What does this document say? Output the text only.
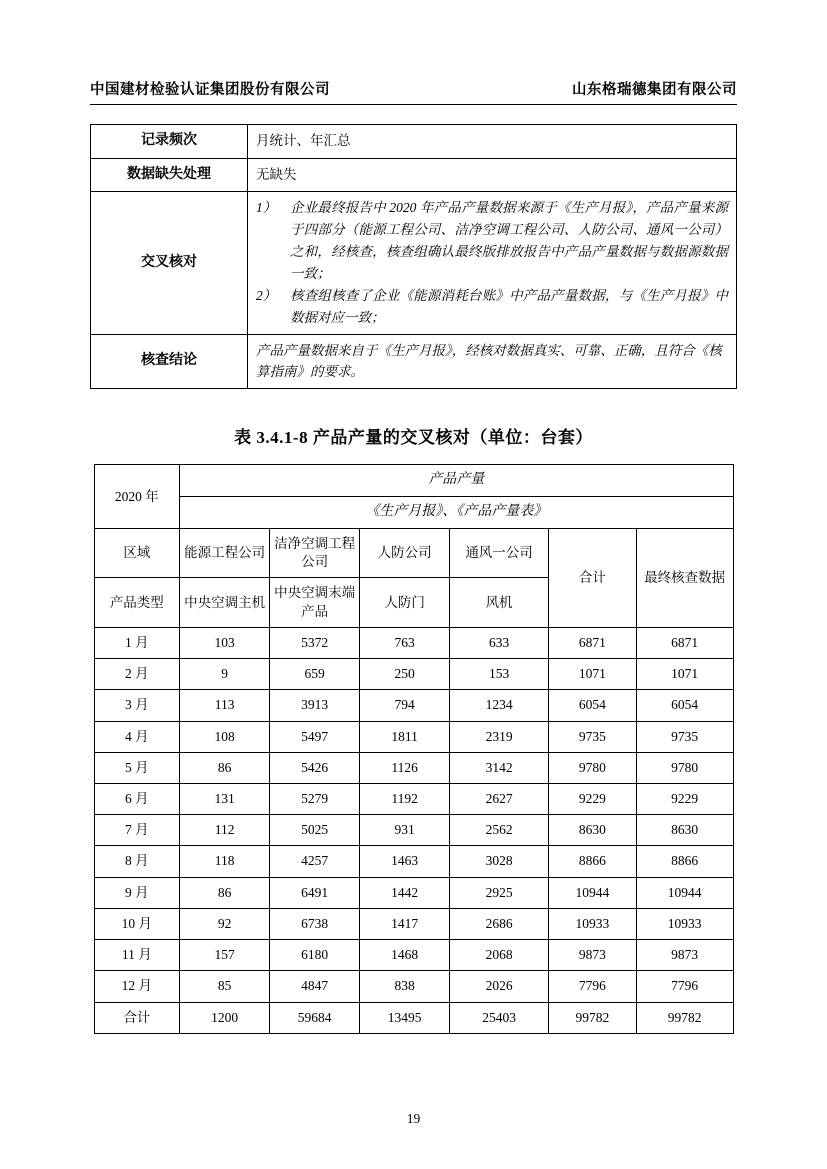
中国建材检验认证集团股份有限公司	山东格瑞德集团有限公司
记录频次	月统计、年汇总
数据缺失处理	无缺失
交叉核对	1） 企业最终报告中 2020 年产品产量数据来源于《生产月报》，产品产量来源于四部分（能源工程公司、洁净空调工程公司、人防公司、通风一公司）之和，经核查，核查组确认最终版排放报告中产品产量数据与数据源数据一致；
2） 核查组核查了企业《能源消耗台账》中产品产量数据，与《生产月报》中数据对应一致；

核查结论	产品产量数据来自于《生产月报》，经核对数据真实、可靠、正确，且符合《核算指南》的要求。
表 3.4.1-8 产品产量的交叉核对（单位：台套）
2020 年	产品产量					
	《生产月报》、《产品产量表》					
区域	能源工程公司	洁净空调工程公司	人防公司	通风一公司	合计	最终核查数据
产品类型	中央空调主机	中央空调末端产品	人防门	风机		
1 月	103	5372	763	633	6871	6871
2 月	9	659	250	153	1071	1071
3 月	113	3913	794	1234	6054	6054
4 月	108	5497	1811	2319	9735	9735
5 月	86	5426	1126	3142	9780	9780
6 月	131	5279	1192	2627	9229	9229
7 月	112	5025	931	2562	8630	8630
8 月	118	4257	1463	3028	8866	8866
9 月	86	6491	1442	2925	10944	10944
10 月	92	6738	1417	2686	10933	10933
11 月	157	6180	1468	2068	9873	9873
12 月	85	4847	838	2026	7796	7796
合计	1200	59684	13495	25403	99782	99782
19
